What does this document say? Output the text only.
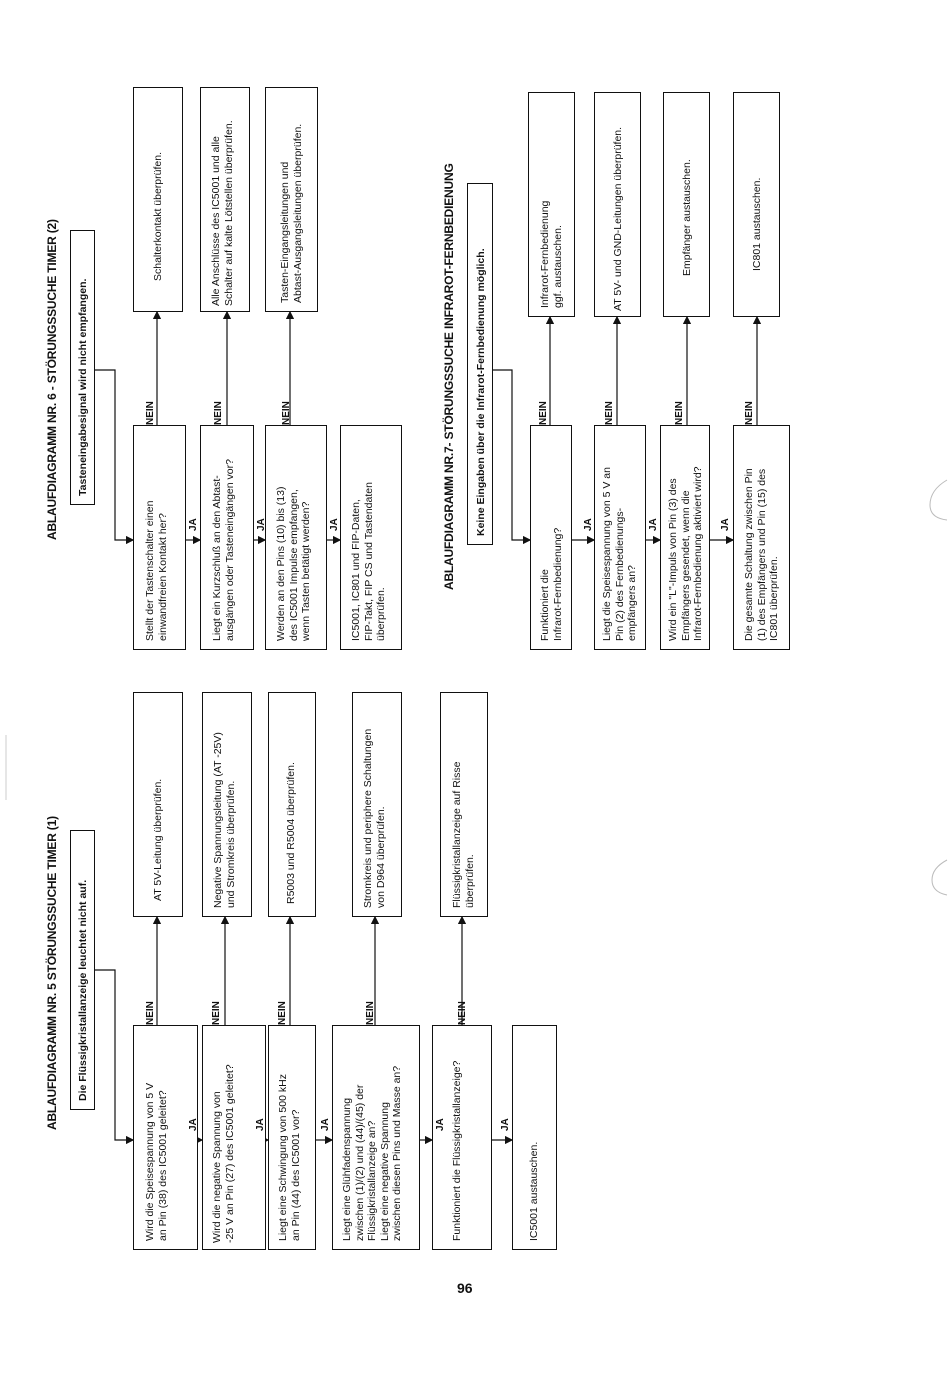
ABLAUFDIAGRAMM NR. 5 STÖRUNGSSUCHE TIMER (1) Die Flüssigkristallanzeige leuchtet nicht auf.
Wird die Speisespannung von 5 V
an Pin (38) des IC5001 geleitet?
Wird die negative Spannung von
-25 V an Pin (27) des IC5001 geleitet?
Liegt eine Schwingung von 500 kHz
an Pin (44) des IC5001 vor?
Liegt eine Glühfadenspannung
zwischen (1)/(2) und (44)/(45) der
Flüssigkristallanzeige an?
Liegt eine negative Spannung
zwischen diesen Pins und Masse an?	Funktioniert die Flüssigkristallanzeige?	IC5001 austauschen.
AT 5V-Leitung überprüfen.	Negative Spannungsleitung (AT -25V)
und Stromkreis überprüfen.	R5003 und R5004 überprüfen.	Stromkreis und periphere Schaltungen
von D964 überprüfen.	Flüssigkristallanzeige auf Risse
überprüfen.
JA	JA	JA	JA	JA
NEIN	NEIN	NEIN	NEIN	NEIN
ABLAUFDIAGRAMM NR. 6 - STÖRUNGSSUCHE TIMER (2) Tasteneingabesignal wird nicht empfangen.
Stellt der Tastenschalter einen
einwandfreien Kontakt her?
Liegt ein Kurzschluß an den Abtast-
ausgängen oder Tasteneingängen vor?
Werden an den Pins (10) bis (13)
des IC5001 Impulse empfangen,
wenn Tasten betätigt werden?
IC5001, IC801 und FIP-Daten,
FIP-Takt, FIP CS und Tastendaten
überprüfen.
Schalterkontakt überprüfen.
Alle Anschlüsse des IC5001 und alle
Schalter auf kalte Lötstellen überprüfen.
Tasten-Eingangsleitungen und
Abtast-Ausgangsleitungen überprüfen.
JA	JA	JA
NEIN	NEIN	NEIN	ABLAUFDIAGRAMM NR.7- STÖRUNGSSUCHE INFRAROT-FERNBEDIENUNG Keine Eingaben über die Infrarot-Fernbedienung möglich.
Funktioniert die
Infrarot-Fernbedienung?	Liegt die Speisespannung von 5 V an
Pin (2) des Fernbedienungs-
empfängers an?
Wird ein "L"-Impuls von Pin (3) des
Empfängers gesendet, wenn die
Infrarot-Fernbedienung aktiviert wird?
Die gesamte Schaltung zwischen Pin
(1) des Empfängers und Pin (15) des
IC801 überprüfen.
Infrarot-Fernbedienung
ggf. austauschen.	AT 5V- und GND-Leitungen überprüfen.	Empfänger austauschen.	IC801 austauschen.
JA	JA	JA
NEIN	NEIN	NEIN	NEIN
96
